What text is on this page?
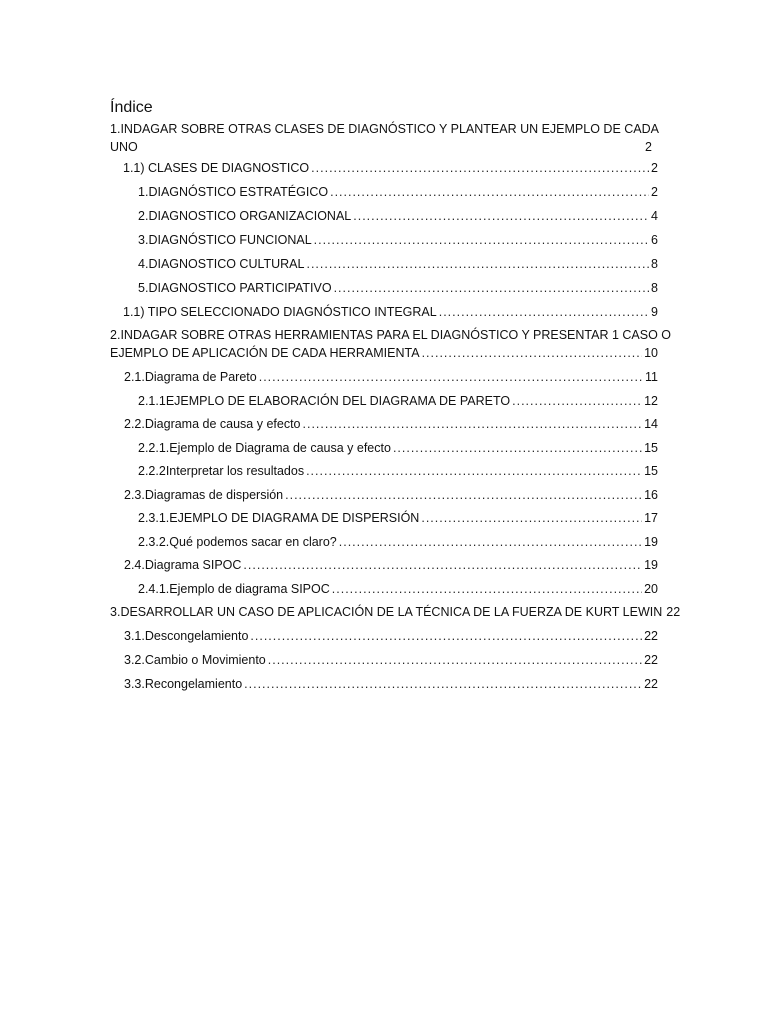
Índice
1. INDAGAR SOBRE OTRAS CLASES DE DIAGNÓSTICO Y PLANTEAR UN EJEMPLO DE CADA
UNO	2
1.1) CLASES DE DIAGNOSTICO .....	2
1. DIAGNÓSTICO ESTRATÉGICO .....	2
2. DIAGNOSTICO ORGANIZACIONAL .....	4
3. DIAGNÓSTICO FUNCIONAL .....	6
4. DIAGNOSTICO CULTURAL .....	8
5. DIAGNOSTICO PARTICIPATIVO .....	8
1.1) TIPO SELECCIONADO DIAGNÓSTICO INTEGRAL .....	9
2. INDAGAR SOBRE OTRAS HERRAMIENTAS PARA EL DIAGNÓSTICO Y PRESENTAR 1 CASO O
EJEMPLO DE APLICACIÓN DE CADA HERRAMIENTA .....	10
2.1. Diagrama de Pareto .....	11
2.1.1 EJEMPLO DE ELABORACIÓN DEL DIAGRAMA DE PARETO .....	12
2.2. Diagrama de causa y efecto .....	14
2.2.1. Ejemplo de Diagrama de causa y efecto .....	15
2.2.2 Interpretar los resultados .....	15
2.3. Diagramas de dispersión .....	16
2.3.1. EJEMPLO DE DIAGRAMA DE DISPERSIÓN .....	17
2.3.2. Qué podemos sacar en claro? .....	19
2.4. Diagrama SIPOC .....	19
2.4.1. Ejemplo de diagrama SIPOC .....	20
3. DESARROLLAR UN CASO DE APLICACIÓN DE LA TÉCNICA DE LA FUERZA DE KURT LEWIN 22
3.1. Descongelamiento .....	22
3.2. Cambio o Movimiento .....	22
3.3. Recongelamiento .....	22
